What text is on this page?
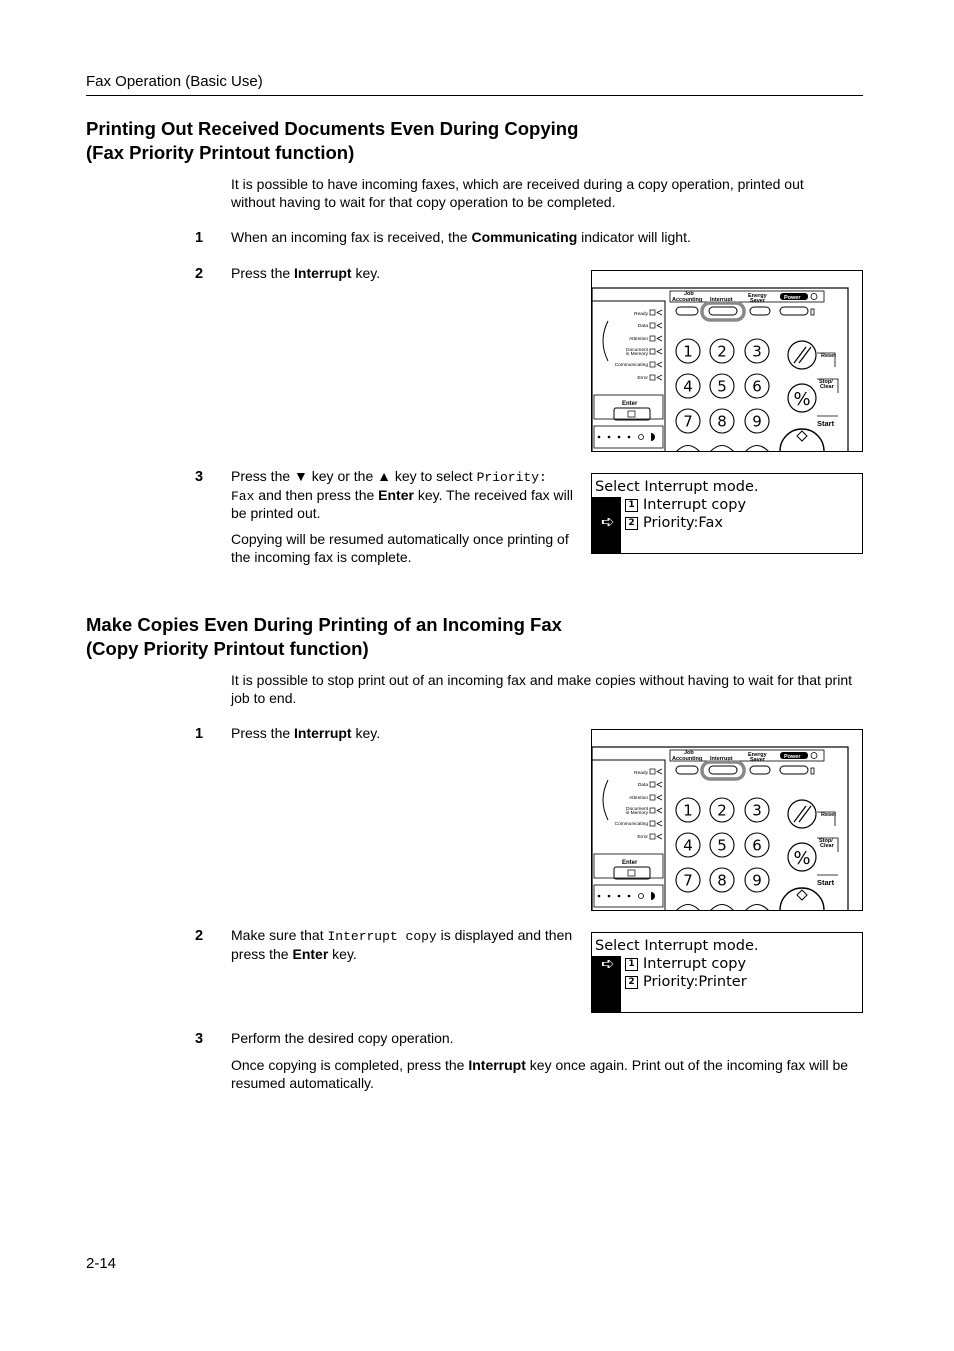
Fax Operation (Basic Use)
Printing Out Received Documents Even During Copying
(Fax Priority Printout function)
It is possible to have incoming faxes, which are received during a copy operation, printed out without having to wait for that copy operation to be completed.
1 When an incoming fax is received, the Communicating indicator will light.
2 Press the Interrupt key.
Job
Accounting Interrupt
Energy
Saver	Power
Ready
Data
Attention
Document
in Memory
Communicating
Error
Enter
1 2 3
4 5 6
7 8 9
Reset
%
Stop/
Clear
Start
3 Press the ▼ key or the ▲ key to select Priority: Fax and then press the Enter key. The received fax will be printed out.
Copying will be resumed automatically once printing of the incoming fax is complete.
Select Interrupt mode.
➪
1 Interrupt copy
2 Priority:Fax
Make Copies Even During Printing of an Incoming Fax
(Copy Priority Printout function)
It is possible to stop print out of an incoming fax and make copies without having to wait for that print job to end.
1 Press the Interrupt key.
Job
Accounting Interrupt
Energy
Saver	Power
Ready
Data
Attention
Document
in Memory
Communicating
Error
Enter
1 2 3
4 5 6
7 8 9
Reset
%
Stop/
Clear
Start
2 Make sure that Interrupt copy is displayed and then press the Enter key.	Select Interrupt mode.
➪	1 Interrupt copy
2 Priority:Printer
3 Perform the desired copy operation.
Once copying is completed, press the Interrupt key once again. Print out of the incoming fax will be resumed automatically.
2-14
